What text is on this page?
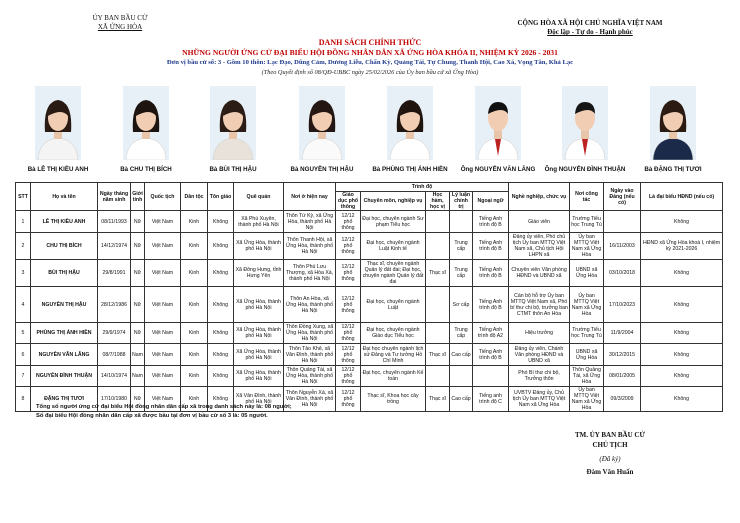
ỦY BAN BẦU CỬ
XÃ ỨNG HÒA	CỘNG HÒA XÃ HỘI CHỦ NGHĨA VIỆT NAM
Độc lập - Tự do - Hạnh phúc
DANH SÁCH CHÍNH THỨC
NHỮNG NGƯỜI ỨNG CỬ ĐẠI BIỂU HỘI ĐỒNG NHÂN DÂN XÃ ỨNG HÒA KHÓA II, NHIỆM KỲ 2026 - 2031
Đơn vị bầu cử số: 3 - Gồm 10 thôn: Lạc Đạo, Dũng Cảm, Dương Liễu, Chẩn Kỳ, Quảng Tái, Tự Chung, Thanh Hội, Cao Xá, Vọng Tân, Khả Lạc
(Theo Quyết định số 08/QĐ-UBBC ngày 25/02/2026 của Ủy ban bầu cử xã Ứng Hòa)
Bà LÊ THỊ KIỀU ANH	Bà CHU THỊ BÍCH	Bà BÙI THỊ HẬU	Bà NGUYỄN THỊ HẬU	Bà PHÙNG THỊ ÁNH HIỀN	Ông NGUYỄN VĂN LĂNG	Ông NGUYỄN ĐÌNH THUẬN	Bà ĐẶNG THỊ TƯƠI
STT	Họ và tên	Ngày tháng năm sinh	Giới tính	Quốc tịch	Dân tộc	Tôn giáo	Quê quán	Nơi ở hiện nay	Trình độ					Nghề nghiệp, chức vụ	Nơi công tác	Ngày vào Đảng (nếu có)	Là đại biểu HĐND (nếu có)
									Giáo dục phổ thông	Chuyên môn, nghiệp vụ	Học hàm, học vị	Lý luận chính trị	Ngoại ngữ				
1	LÊ THỊ KIỀU ANH	08/11/1993	Nữ	Việt Nam	Kinh	Không	Xã Phú Xuyên, thành phố Hà Nội	Thôn Tứ Kỳ, xã Ứng Hòa, thành phố Hà Nội	12/12 phổ thông	Đại học, chuyên ngành Sư phạm Tiểu học			Tiếng Anh trình độ B	Giáo viên	Trường Tiểu học Trung Tú		Không
2	CHU THỊ BÍCH	14/12/1974	Nữ	Việt Nam	Kinh	Không	Xã Ứng Hòa, thành phố Hà Nội	Thôn Thanh Hội, xã Ứng Hòa, thành phố Hà Nội	12/12 phổ thông	Đại học, chuyên ngành Luật Kinh tế		Trung cấp	Tiếng Anh trình độ B	Đảng ủy viên, Phó chủ tịch Ủy ban MTTQ Việt Nam xã, Chủ tịch Hội LHPN xã	Ủy ban MTTQ Việt Nam xã Ứng Hòa	16/11/2003	HĐND xã Ứng Hòa khoá I, nhiệm kỳ 2021-2026
3	BÙI THỊ HẬU	29/8/1991	Nữ	Việt Nam	Kinh	Không	Xã Đông Hưng, tỉnh Hưng Yên	Thôn Phú Lưu Thượng, xã Hòa Xá, thành phố Hà Nội	12/12 phổ thông	Thạc sĩ, chuyên ngành Quản lý đất đai; Đại học, chuyên ngành Quản lý đất đai	Thạc sĩ	Trung cấp	Tiếng Anh trình độ B	Chuyên viên Văn phòng HĐND và UBND xã	UBND xã Ứng Hòa	03/10/2018	Không
4	NGUYỄN THỊ HẬU	28/12/1986	Nữ	Việt Nam	Kinh	Không	Xã Ứng Hòa, thành phố Hà Nội	Thôn An Hòa, xã Ứng Hòa, thành phố Hà Nội	12/12 phổ thông	Đại học, chuyên ngành Luật		Sơ cấp	Tiếng Anh trình độ B	Cán bộ hỗ trợ Ủy ban MTTQ Việt Nam xã, Phó bí thư chi bộ, trưởng ban CTMT thôn An Hòa	Ủy ban MTTQ Việt Nam xã Ứng Hòa	17/10/2023	Không
5	PHÙNG THỊ ÁNH HIỀN	29/9/1974	Nữ	Việt Nam	Kinh	Không	Xã Ứng Hòa, thành phố Hà Nội	Thôn Đồng Xung, xã Ứng Hòa, thành phố Hà Nội	12/12 phổ thông	Đại học, chuyên ngành Giáo dục Tiểu học		Trung cấp	Tiếng Anh trình độ A2	Hiệu trưởng	Trường Tiểu học Trung Tú	11/9/2004	Không
6	NGUYỄN VĂN LĂNG	08/7/1988	Nam	Việt Nam	Kinh	Không	Xã Ứng Hòa, thành phố Hà Nội	Thôn Tảo Khê, xã Vân Đình, thành phố Hà Nội	12/12 phổ thông	Đại học chuyên ngành lịch sử Đảng và Tư tưởng Hồ Chí Minh	Thạc sĩ	Cao cấp	Tiếng Anh trình độ B	Đảng ủy viên, Chánh Văn phòng HĐND và UBND xã	UBND xã Ứng Hòa	30/12/2015	Không
7	NGUYỄN ĐÌNH THUẬN	14/10/1974	Nam	Việt Nam	Kinh	Không	Xã Ứng Hòa, thành phố Hà Nội	Thôn Quảng Tái, xã Ứng Hòa, thành phố Hà Nội	12/12 phổ thông	Đại học, chuyên ngành Kế toán				Phó Bí thư chi bộ, Trưởng thôn	Thôn Quảng Tái, xã Ứng Hòa	08/01/2005	Không
8	ĐẶNG THỊ TƯƠI	17/10/1980	Nữ	Việt Nam	Kinh	Không	Xã Vân Đình, thành phố Hà Nội	Thôn Nguyễn Xá, xã Vân Đình, thành phố Hà Nội	12/12 phổ thông	Thạc sĩ, Khoa học cây trồng	Thạc sĩ	Cao cấp	Tiếng anh trình độ C	UVBTV Đảng ủy, Chủ tịch Ủy ban MTTQ Việt Nam xã Ứng Hòa	Ủy ban MTTQ Việt Nam xã Ứng Hòa	09/3/2009	Không
Tổng số người ứng cử đại biểu Hội đồng nhân dân cấp xã trong danh sách này là: 08 người;
Số đại biểu Hội đồng nhân dân cấp xã được bầu tại đơn vị bầu cử số 3 là: 05 người.
TM. ỦY BAN BẦU CỬ
CHỦ TỊCH
(Đã ký)
Đàm Văn Huấn
